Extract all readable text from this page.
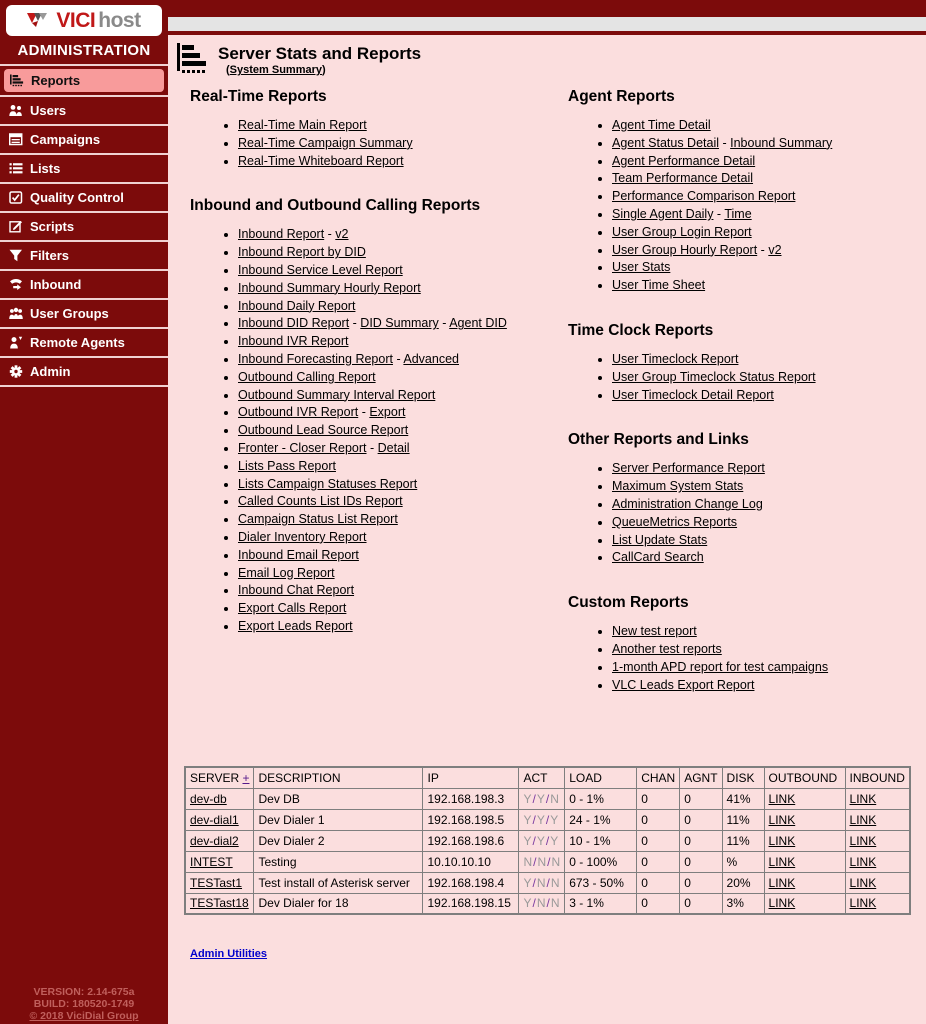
VICI host
ADMINISTRATION
Reports
Users
Campaigns
Lists
Quality Control
Scripts
Filters
Inbound
User Groups
Remote Agents
Admin
VERSION: 2.14-675a
BUILD: 180520-1749
© 2018 ViciDial Group
Server Stats and Reports
(System Summary)
Real-Time Reports
• Real-Time Main Report
• Real-Time Campaign Summary
• Real-Time Whiteboard Report
Inbound and Outbound Calling Reports
• Inbound Report - v2
• Inbound Report by DID
• Inbound Service Level Report
• Inbound Summary Hourly Report
• Inbound Daily Report
• Inbound DID Report - DID Summary - Agent DID
• Inbound IVR Report
• Inbound Forecasting Report - Advanced
• Outbound Calling Report
• Outbound Summary Interval Report
• Outbound IVR Report - Export
• Outbound Lead Source Report
• Fronter - Closer Report - Detail
• Lists Pass Report
• Lists Campaign Statuses Report
• Called Counts List IDs Report
• Campaign Status List Report
• Dialer Inventory Report
• Inbound Email Report
• Email Log Report
• Inbound Chat Report
• Export Calls Report
• Export Leads Report
Agent Reports
• Agent Time Detail
• Agent Status Detail - Inbound Summary
• Agent Performance Detail
• Team Performance Detail
• Performance Comparison Report
• Single Agent Daily - Time
• User Group Login Report
• User Group Hourly Report - v2
• User Stats
• User Time Sheet
Time Clock Reports
• User Timeclock Report
• User Group Timeclock Status Report
• User Timeclock Detail Report
Other Reports and Links
• Server Performance Report
• Maximum System Stats
• Administration Change Log
• QueueMetrics Reports
• List Update Stats
• CallCard Search
Custom Reports
• New test report
• Another test reports
• 1-month APD report for test campaigns
• VLC Leads Export Report
SERVER +	DESCRIPTION	IP	ACT	LOAD	CHAN	AGNT	DISK	OUTBOUND	INBOUND
dev-db	Dev DB	192.168.198.3	Y/Y/N	0 - 1%	0	0	41%	LINK	LINK
dev-dial1	Dev Dialer 1	192.168.198.5	Y/Y/Y	24 - 1%	0	0	11%	LINK	LINK
dev-dial2	Dev Dialer 2	192.168.198.6	Y/Y/Y	10 - 1%	0	0	11%	LINK	LINK
INTEST	Testing	10.10.10.10	N/N/N	0 - 100%	0	0	%	LINK	LINK
TESTast1	Test install of Asterisk server	192.168.198.4	Y/N/N	673 - 50%	0	0	20%	LINK	LINK
TESTast18	Dev Dialer for 18	192.168.198.15	Y/N/N	3 - 1%	0	0	3%	LINK	LINK
Admin Utilities
